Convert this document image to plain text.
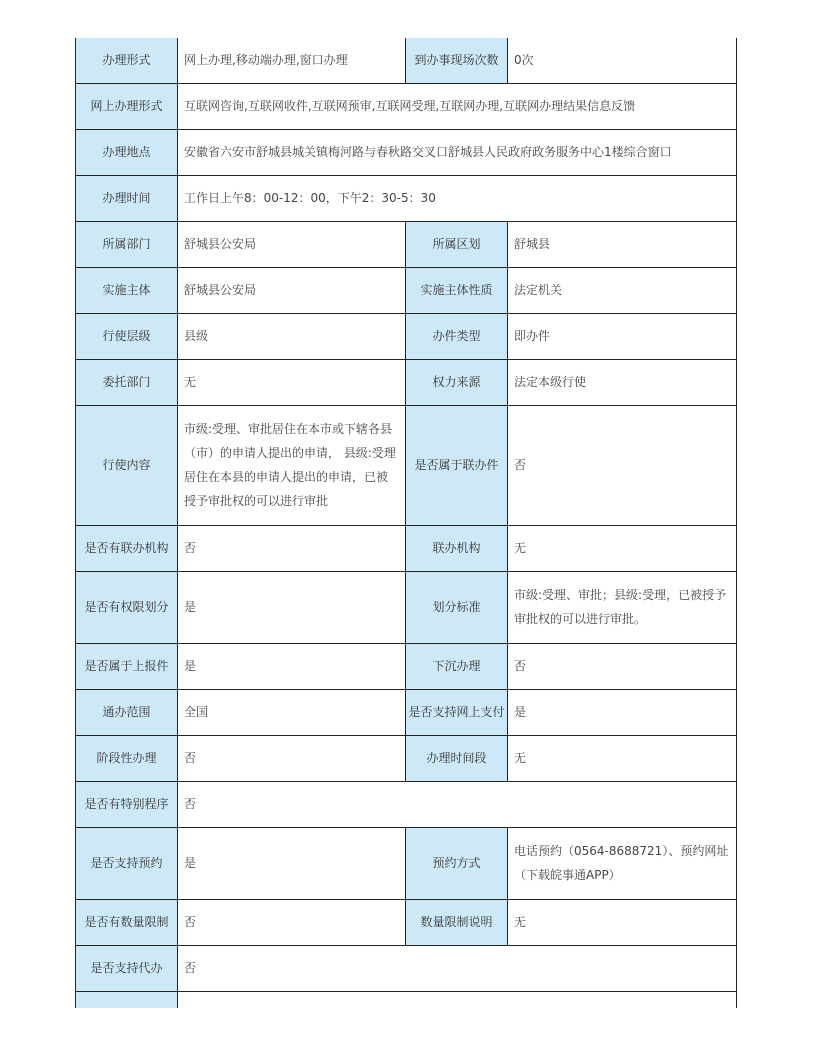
办理形式	网上办理,移动端办理,窗口办理	到办事现场次数	0次
网上办理形式	互联网咨询,互联网收件,互联网预审,互联网受理,互联网办理,互联网办理结果信息反馈		
办理地点	安徽省六安市舒城县城关镇梅河路与春秋路交叉口舒城县人民政府政务服务中心1楼综合窗口		
办理时间	工作日上午8：00-12：00，下午2：30-5：30		
所属部门	舒城县公安局	所属区划	舒城县
实施主体	舒城县公安局	实施主体性质	法定机关
行使层级	县级	办件类型	即办件
委托部门	无	权力来源	法定本级行使
行使内容	市级:受理、审批居住在本市或下辖各县（市）的申请人提出的申请， 县级:受理居住在本县的申请人提出的申请，已被授予审批权的可以进行审批	是否属于联办件	否
是否有联办机构	否	联办机构	无
是否有权限划分	是	划分标准	市级:受理、审批；县级:受理，已被授予审批权的可以进行审批。
是否属于上报件	是	下沉办理	否
通办范围	全国	是否支持网上支付	是
阶段性办理	否	办理时间段	无
是否有特别程序	否		
是否支持预约	是	预约方式	电话预约（0564-8688721）、预约网址（下载皖事通APP）
是否有数量限制	否	数量限制说明	无
是否支持代办	否		
